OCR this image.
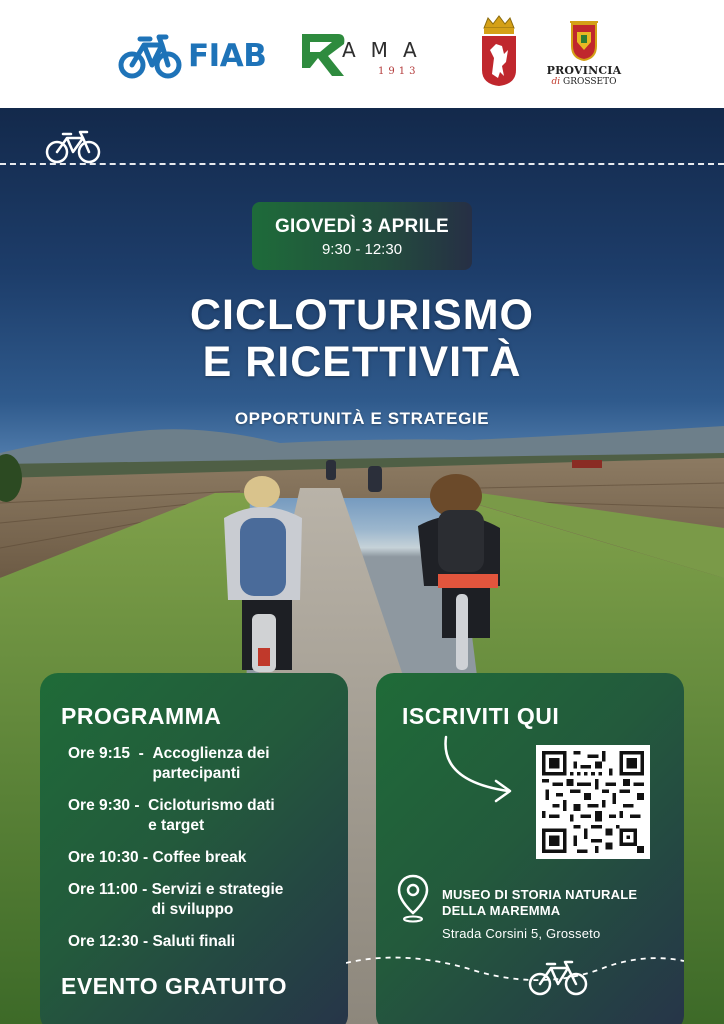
FIAB	AMA
1913	PROVINCIA
di GROSSETO
GIOVEDÌ 3 APRILE
9:30 - 12:30
CICLOTURISMO
E RICETTIVITÀ
OPPORTUNITÀ E STRATEGIE
PROGRAMMA
Ore 9:15  - Accoglienza dei
partecipanti
Ore 9:30 - Cicloturismo dati
e target
Ore 10:30 - Coffee break
Ore 11:00 - Servizi e strategie
di sviluppo
Ore 12:30 - Saluti finali
EVENTO GRATUITO
ISCRIVITI QUI
MUSEO DI STORIA NATURALE
DELLA MAREMMA
Strada Corsini 5, Grosseto
